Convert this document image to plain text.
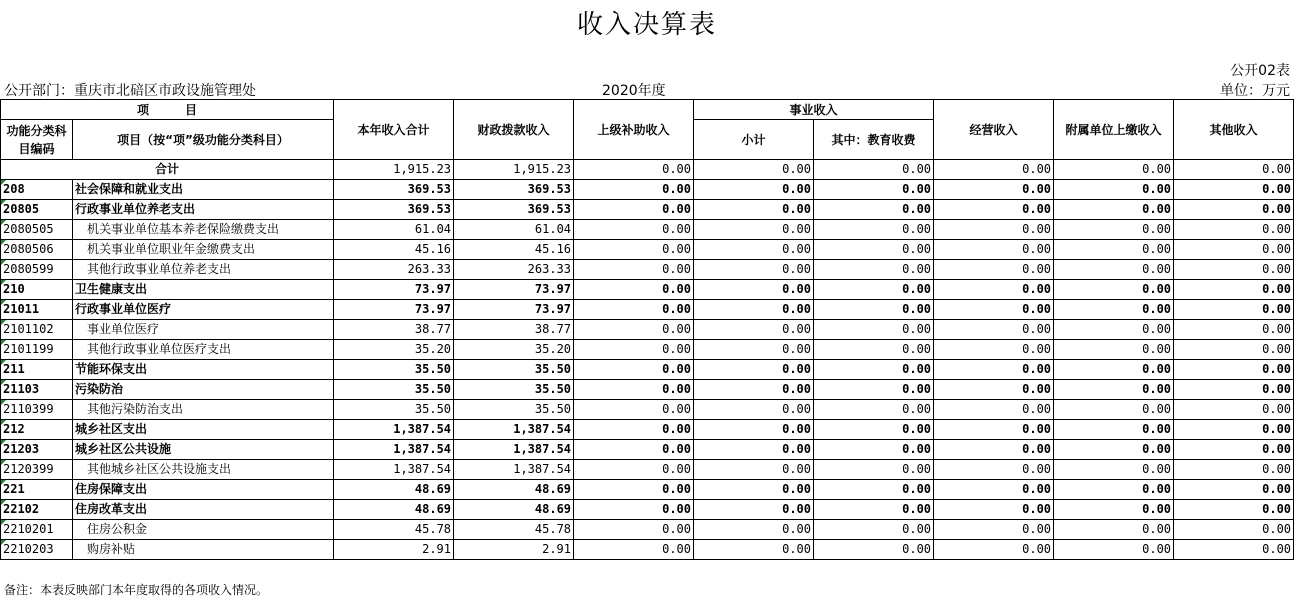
收入决算表
公开02表
公开部门：重庆市北碚区市政设施管理处	2020年度	单位：万元
项　　　目		本年收入合计	财政拨款收入	上级补助收入	事业收入		经营收入	附属单位上缴收入	其他收入
功能分类科目编码	项目（按“项”级功能分类科目）								
					小计	其中：教育收费			
合计		1,915.23	1,915.23	0.00	0.00	0.00	0.00	0.00	0.00
208	社会保障和就业支出	369.53	369.53	0.00	0.00	0.00	0.00	0.00	0.00
20805	行政事业单位养老支出	369.53	369.53	0.00	0.00	0.00	0.00	0.00	0.00
2080505	机关事业单位基本养老保险缴费支出	61.04	61.04	0.00	0.00	0.00	0.00	0.00	0.00
2080506	机关事业单位职业年金缴费支出	45.16	45.16	0.00	0.00	0.00	0.00	0.00	0.00
2080599	其他行政事业单位养老支出	263.33	263.33	0.00	0.00	0.00	0.00	0.00	0.00
210	卫生健康支出	73.97	73.97	0.00	0.00	0.00	0.00	0.00	0.00
21011	行政事业单位医疗	73.97	73.97	0.00	0.00	0.00	0.00	0.00	0.00
2101102	事业单位医疗	38.77	38.77	0.00	0.00	0.00	0.00	0.00	0.00
2101199	其他行政事业单位医疗支出	35.20	35.20	0.00	0.00	0.00	0.00	0.00	0.00
211	节能环保支出	35.50	35.50	0.00	0.00	0.00	0.00	0.00	0.00
21103	污染防治	35.50	35.50	0.00	0.00	0.00	0.00	0.00	0.00
2110399	其他污染防治支出	35.50	35.50	0.00	0.00	0.00	0.00	0.00	0.00
212	城乡社区支出	1,387.54	1,387.54	0.00	0.00	0.00	0.00	0.00	0.00
21203	城乡社区公共设施	1,387.54	1,387.54	0.00	0.00	0.00	0.00	0.00	0.00
2120399	其他城乡社区公共设施支出	1,387.54	1,387.54	0.00	0.00	0.00	0.00	0.00	0.00
221	住房保障支出	48.69	48.69	0.00	0.00	0.00	0.00	0.00	0.00
22102	住房改革支出	48.69	48.69	0.00	0.00	0.00	0.00	0.00	0.00
2210201	住房公积金	45.78	45.78	0.00	0.00	0.00	0.00	0.00	0.00
2210203	购房补贴	2.91	2.91	0.00	0.00	0.00	0.00	0.00	0.00
备注：本表反映部门本年度取得的各项收入情况。
